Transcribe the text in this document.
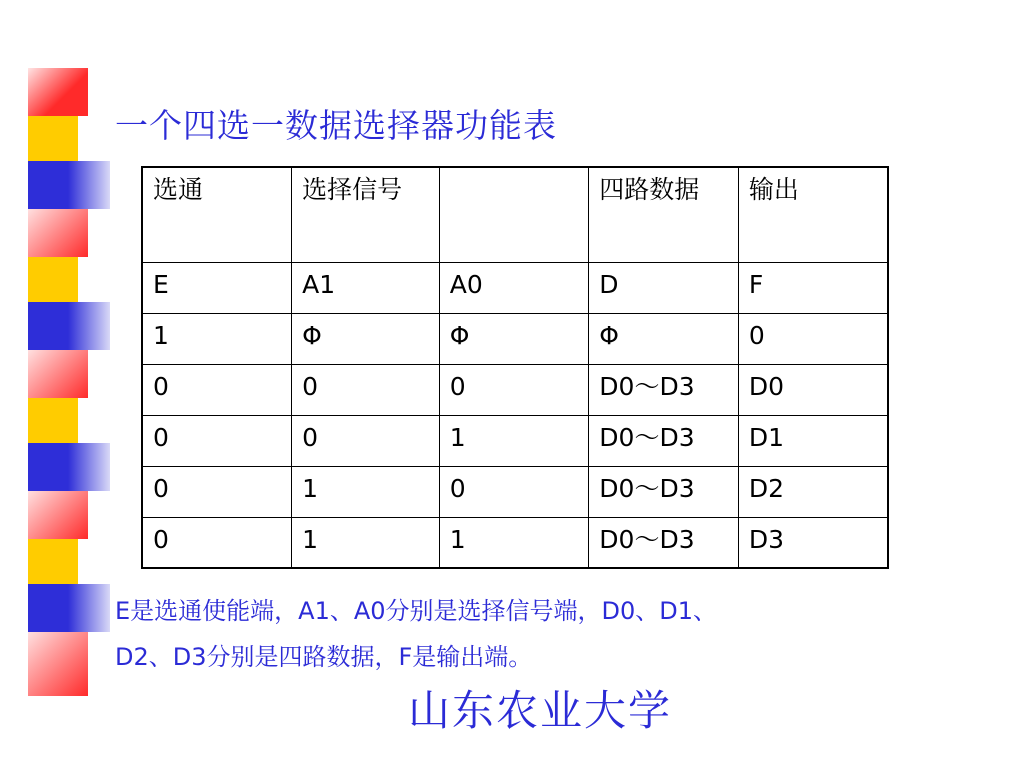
一个四选一数据选择器功能表
选通	选择信号		四路数据	输出

E	A1	A0	D	F
1	Φ	Φ	Φ	0
0	0	0	D0～D3	D0
0	0	1	D0～D3	D1
0	1	0	D0～D3	D2
0	1	1	D0～D3	D3
E是选通使能端，A1、A0分别是选择信号端，D0、D1、
D2、D3分别是四路数据，F是输出端。
山东农业大学
